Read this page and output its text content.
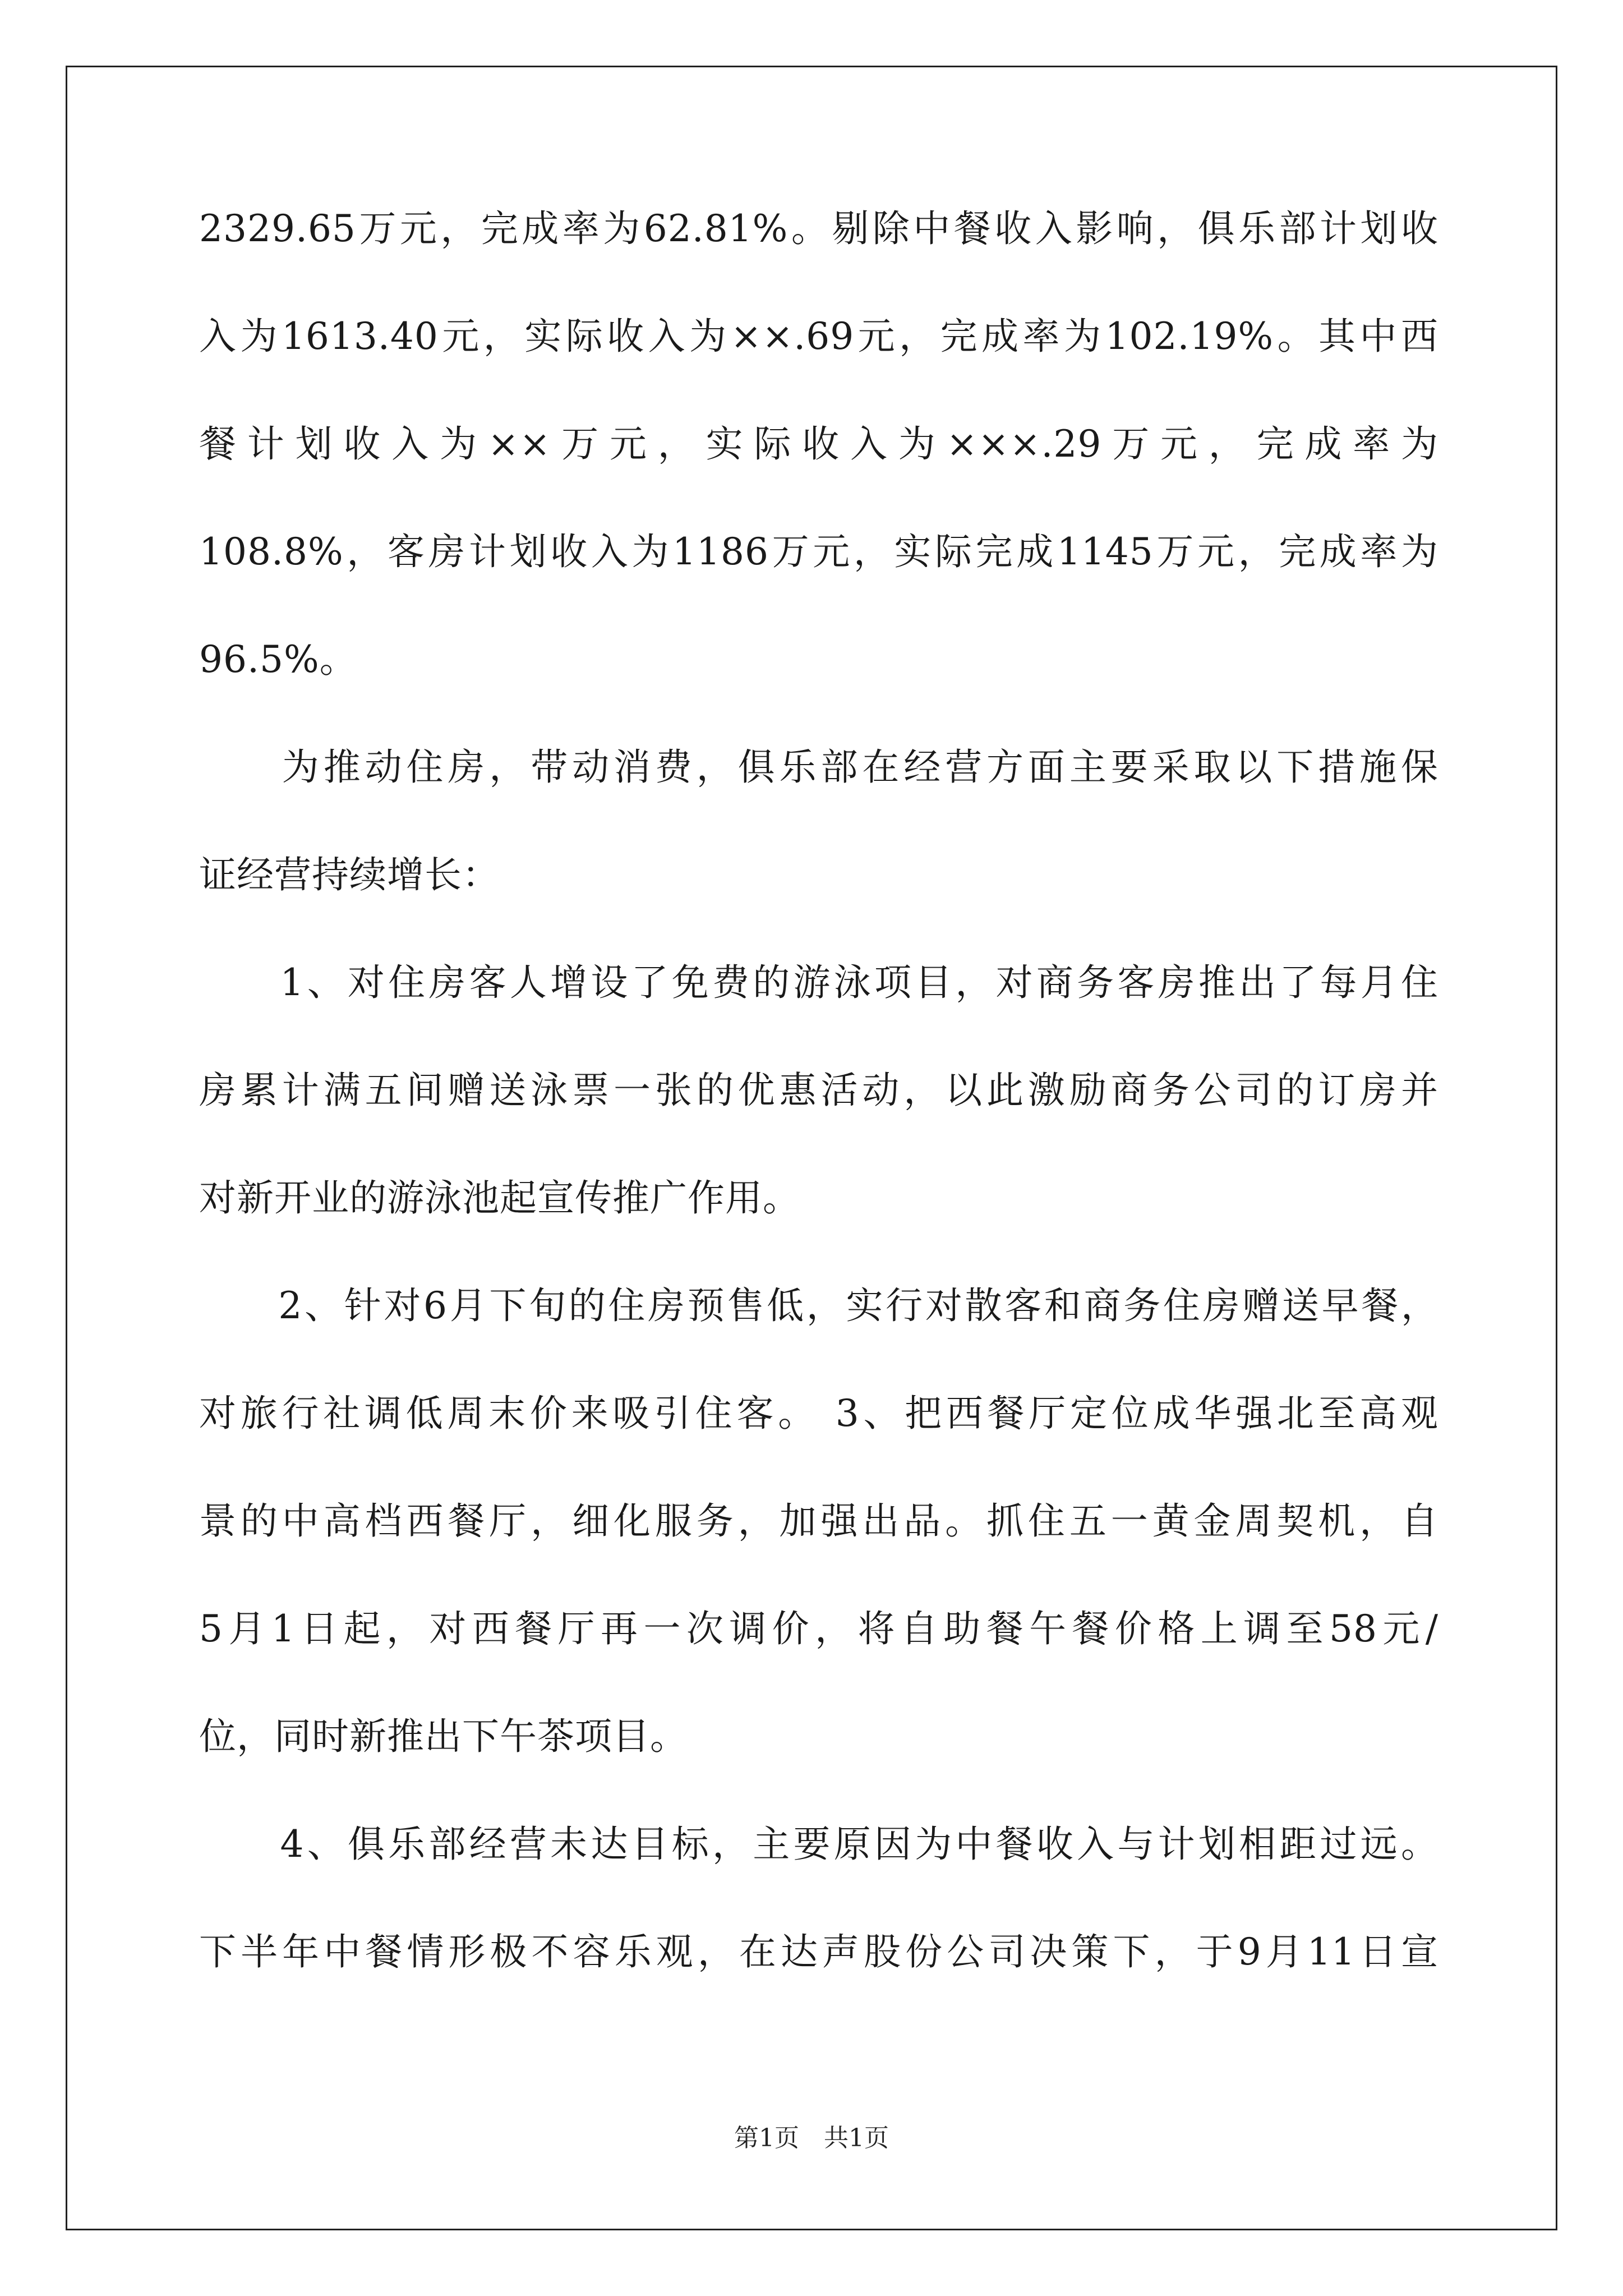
2329.65万元，完成率为62.81%。剔除中餐收入影响，俱乐部计划收
入为1613.40元，实际收入为××.69元，完成率为102.19%。其中西
餐计划收入为××万元，实际收入为×××.29万元，完成率为
108.8%，客房计划收入为1186万元，实际完成1145万元，完成率为
96.5%。
　　为推动住房，带动消费，俱乐部在经营方面主要采取以下措施保
证经营持续增长：
　　1、对住房客人增设了免费的游泳项目，对商务客房推出了每月住
房累计满五间赠送泳票一张的优惠活动，以此激励商务公司的订房并
对新开业的游泳池起宣传推广作用。
　　2、针对6月下旬的住房预售低，实行对散客和商务住房赠送早餐，
对旅行社调低周末价来吸引住客。 3、把西餐厅定位成华强北至高观
景的中高档西餐厅，细化服务，加强出品。抓住五一黄金周契机，自
5月1日起，对西餐厅再一次调价，将自助餐午餐价格上调至58元/
位，同时新推出下午茶项目。
　　4、俱乐部经营未达目标，主要原因为中餐收入与计划相距过远。
下半年中餐情形极不容乐观，在达声股份公司决策下，于9月11日宣
第1页　共1页
